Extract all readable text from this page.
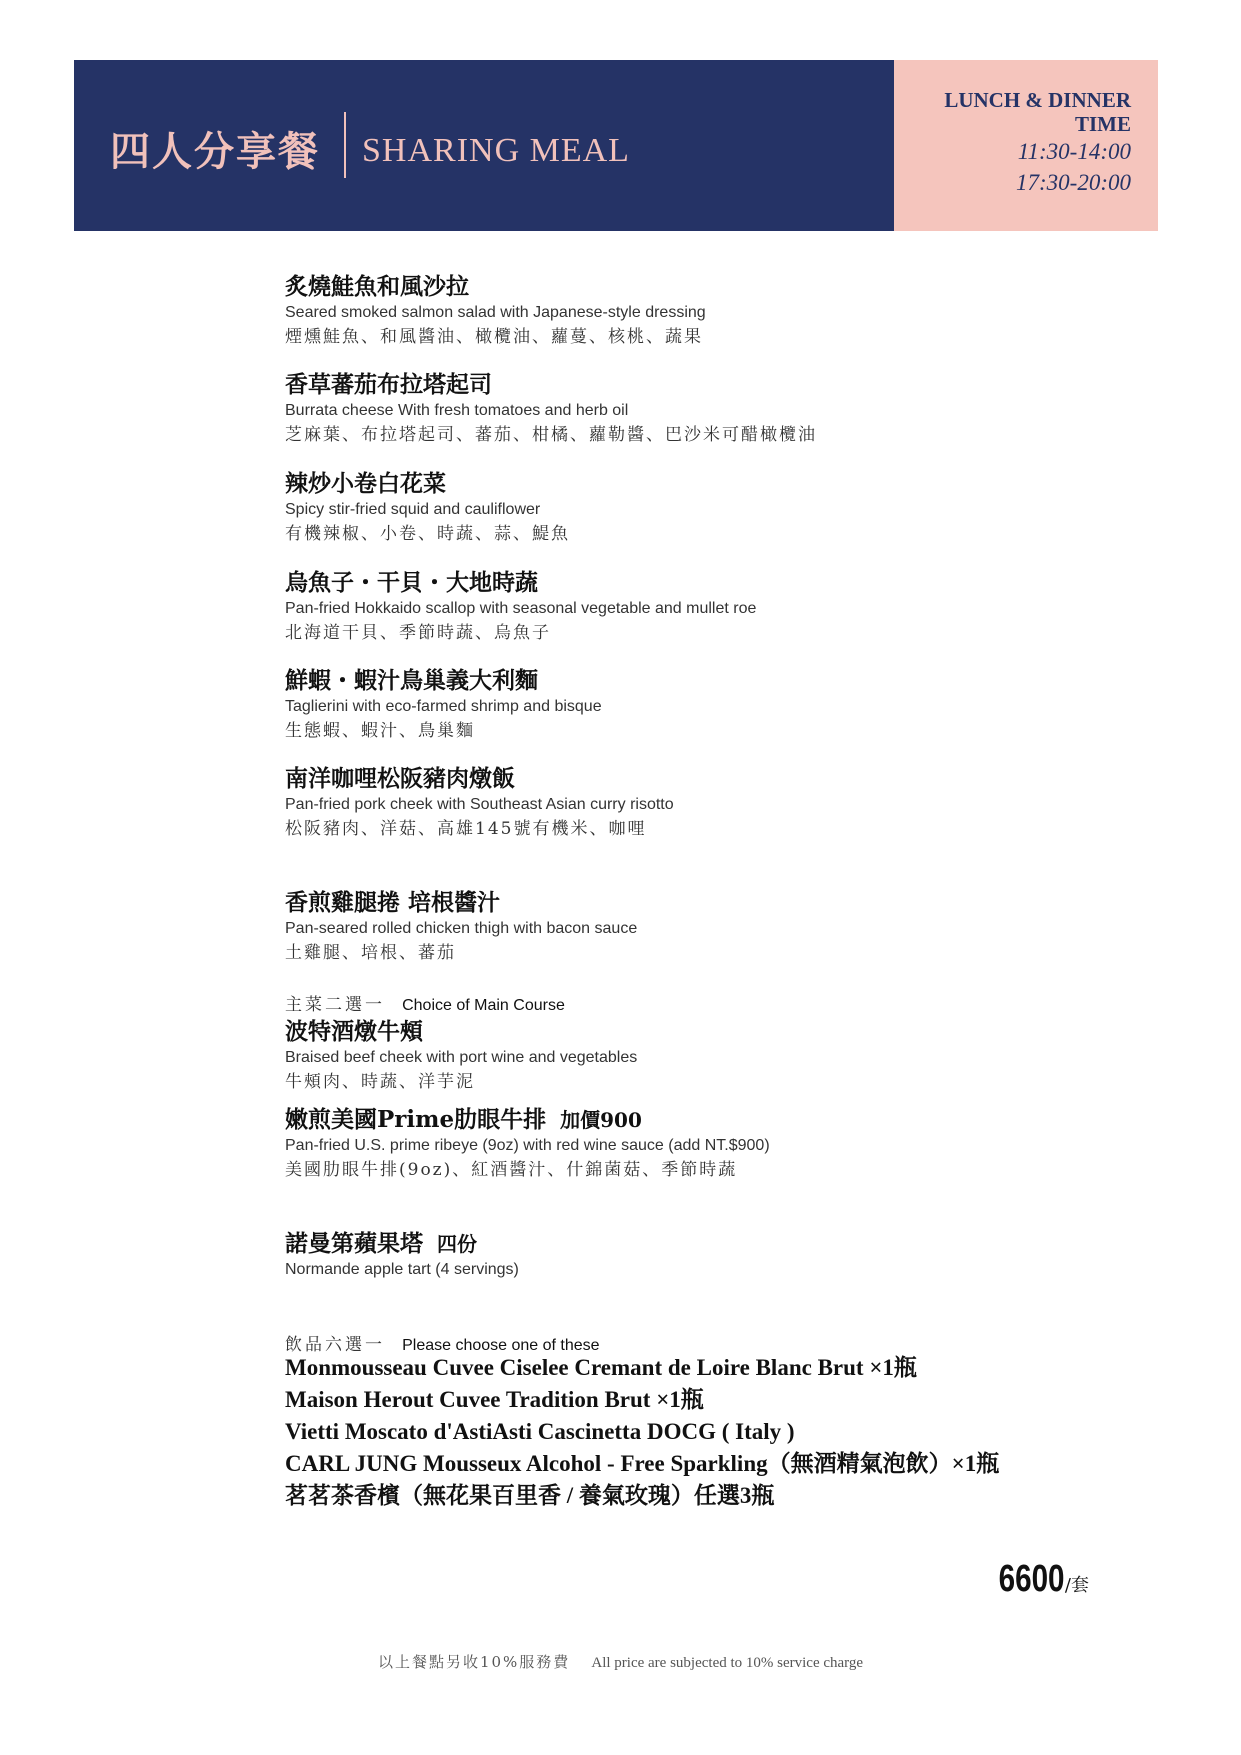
四人分享餐 SHARING MEAL
LUNCH & DINNER
TIME
11:30-14:00
17:30-20:00
炙燒鮭魚和風沙拉
Seared smoked salmon salad with Japanese-style dressing
煙燻鮭魚、和風醬油、橄欖油、蘿蔓、核桃、蔬果
香草蕃茄布拉塔起司
Burrata cheese With fresh tomatoes and herb oil
芝麻葉、布拉塔起司、蕃茄、柑橘、蘿勒醬、巴沙米可醋橄欖油
辣炒小卷白花菜
Spicy stir-fried squid and cauliflower
有機辣椒、小卷、時蔬、蒜、鯷魚
烏魚子・干貝・大地時蔬
Pan-fried Hokkaido scallop with seasonal vegetable and mullet roe
北海道干貝、季節時蔬、烏魚子
鮮蝦・蝦汁鳥巢義大利麵
Taglierini with eco-farmed shrimp and bisque
生態蝦、蝦汁、鳥巢麵
南洋咖哩松阪豬肉燉飯
Pan-fried pork cheek with Southeast Asian curry risotto
松阪豬肉、洋菇、高雄145號有機米、咖哩
香煎雞腿捲 培根醬汁
Pan-seared rolled chicken thigh with bacon sauce
土雞腿、培根、蕃茄
主菜二選一 Choice of Main Course
波特酒燉牛頰
Braised beef cheek with port wine and vegetables
牛頰肉、時蔬、洋芋泥
嫩煎美國Prime肋眼牛排 加價900
Pan-fried U.S. prime ribeye (9oz) with red wine sauce (add NT.$900)
美國肋眼牛排(9oz)、紅酒醬汁、什錦菌菇、季節時蔬
諾曼第蘋果塔 四份
Normande apple tart (4 servings)
飲品六選一 Please choose one of these
Monmousseau Cuvee Ciselee Cremant de Loire Blanc Brut ×1瓶
Maison Herout Cuvee Tradition Brut ×1瓶
Vietti Moscato d'AstiAsti Cascinetta DOCG ( Italy )
CARL JUNG Mousseux Alcohol - Free Sparkling（無酒精氣泡飲）×1瓶
茗茗茶香檳（無花果百里香 / 養氣玫瑰）任選3瓶
6600/套
以上餐點另收10%服務費 All price are subjected to 10% service charge
